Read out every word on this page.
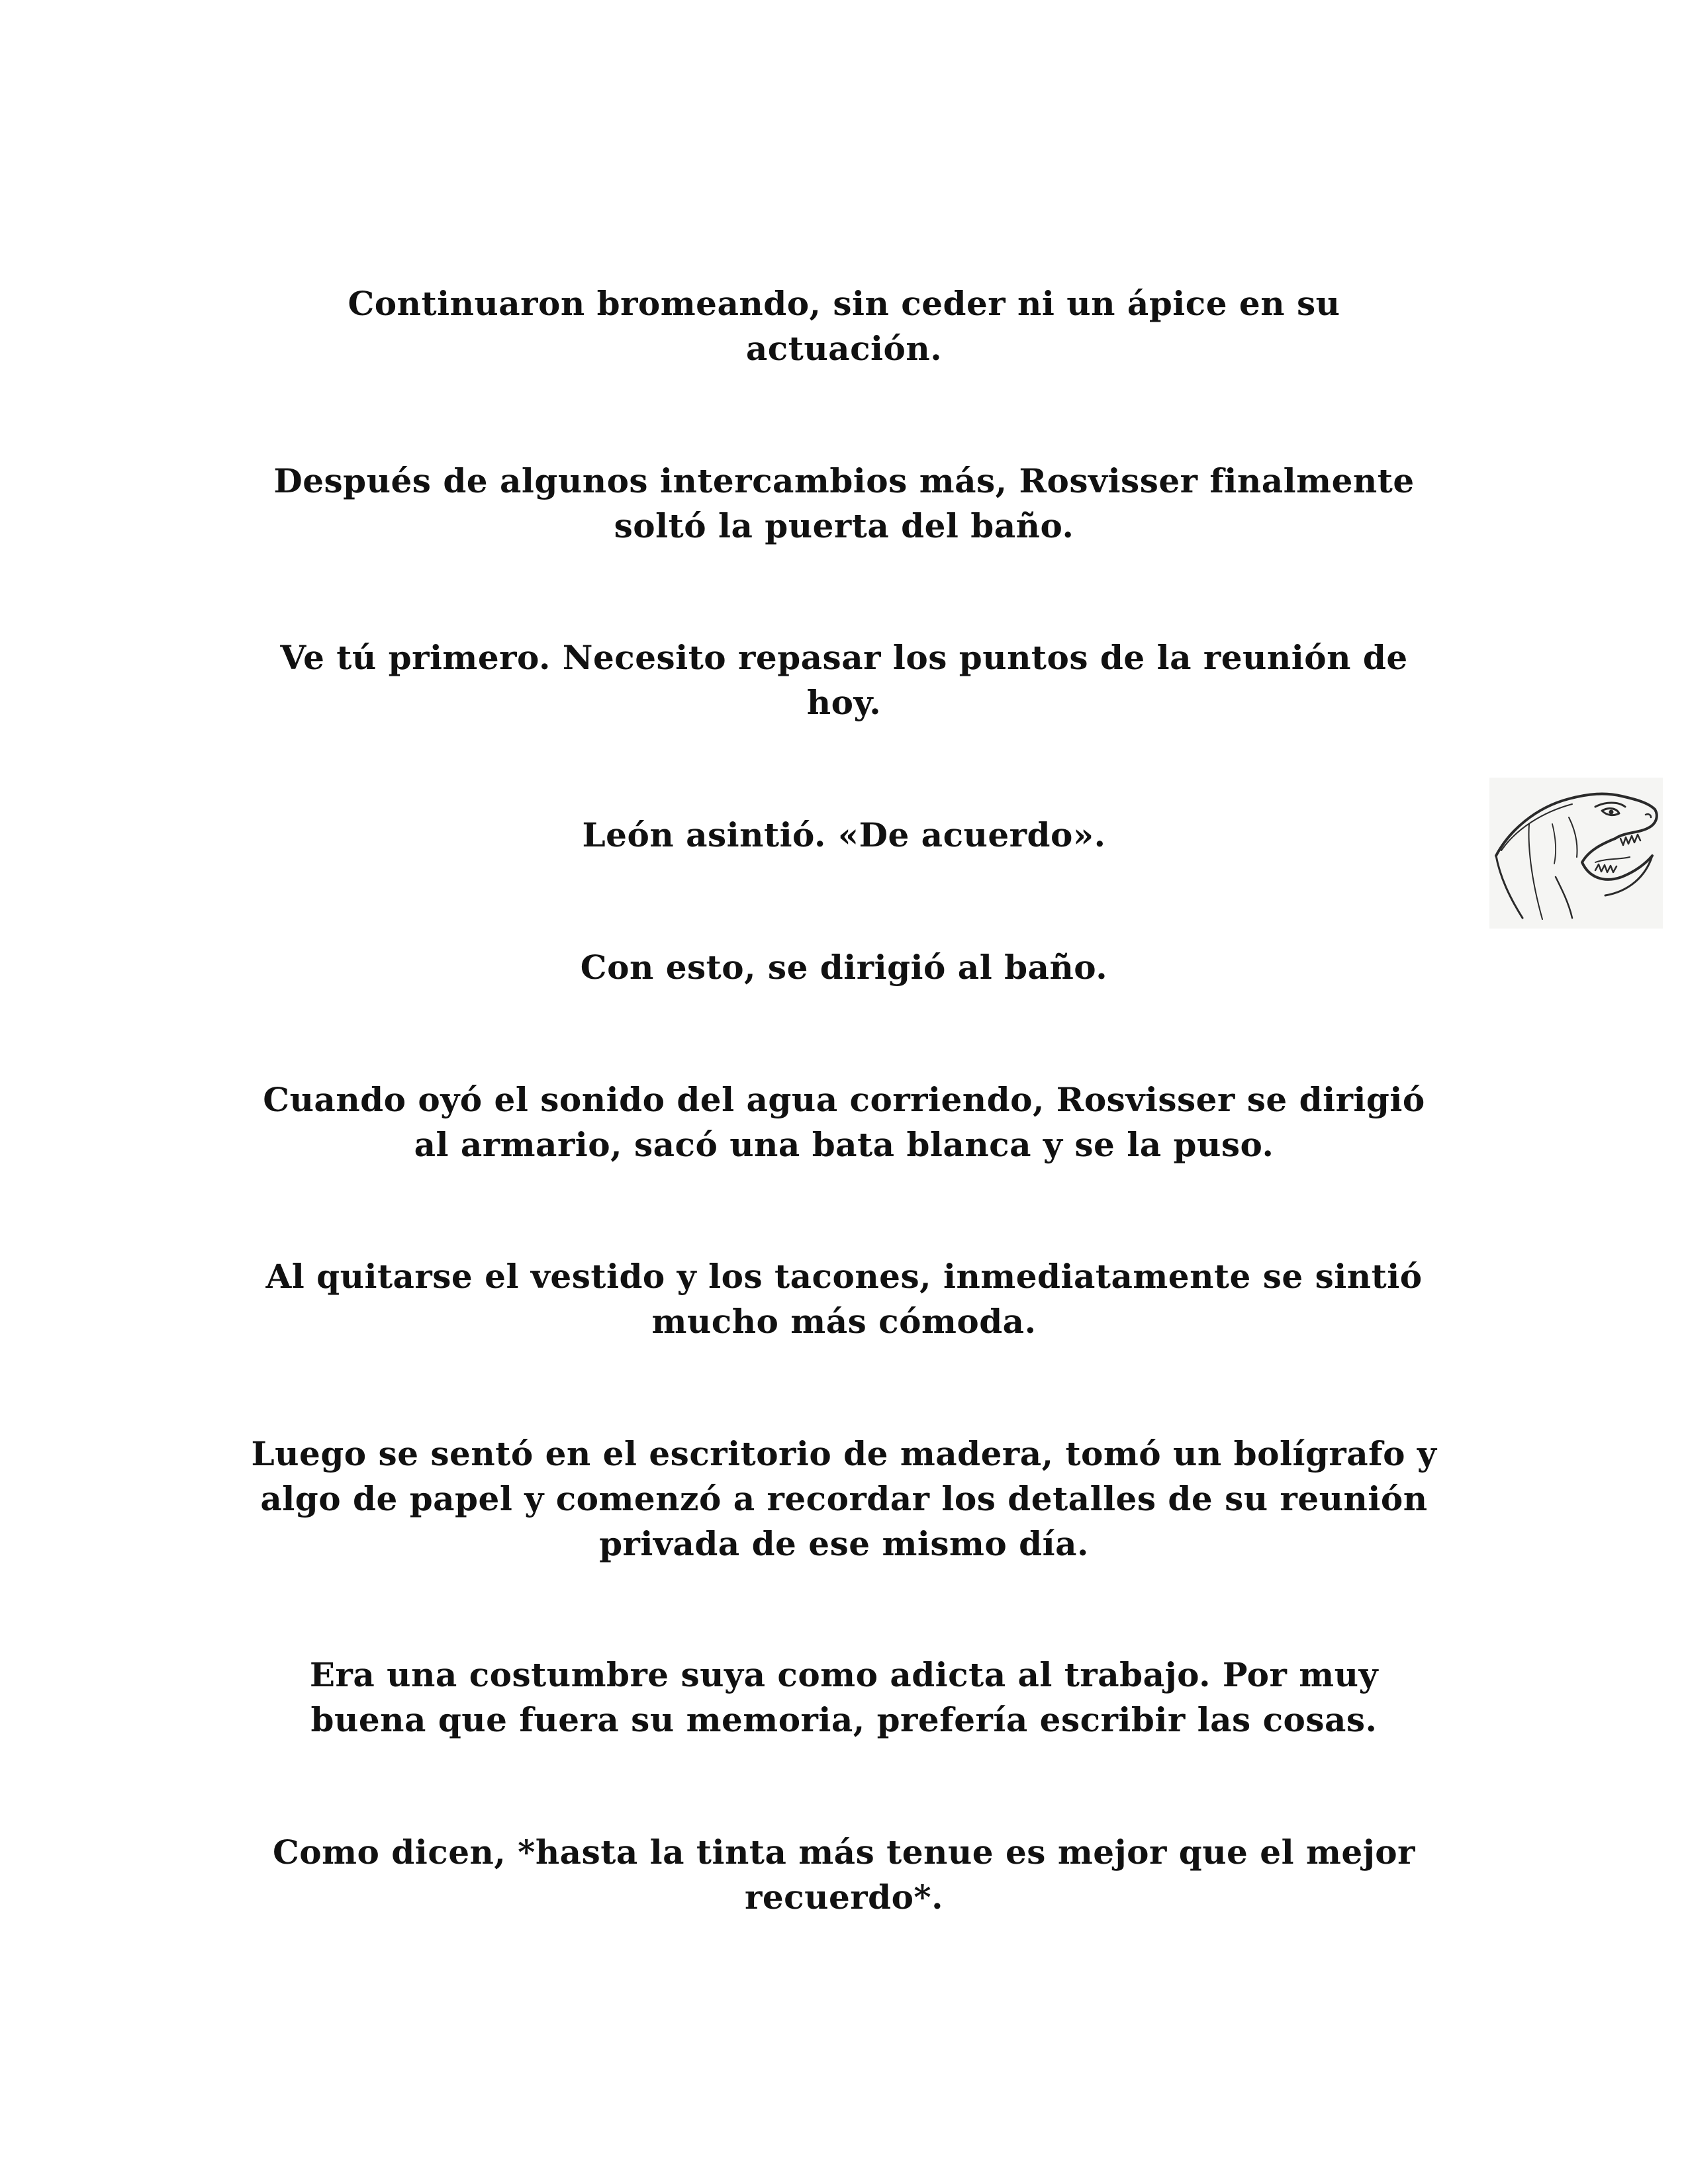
Continuaron bromeando, sin ceder ni un ápice en su
actuación.

Después de algunos intercambios más, Rosvisser finalmente
soltó la puerta del baño.

Ve tú primero. Necesito repasar los puntos de la reunión de
hoy.

León asintió. «De acuerdo».

Con esto, se dirigió al baño.

Cuando oyó el sonido del agua corriendo, Rosvisser se dirigió
al armario, sacó una bata blanca y se la puso.

Al quitarse el vestido y los tacones, inmediatamente se sintió
mucho más cómoda.

Luego se sentó en el escritorio de madera, tomó un bolígrafo y
algo de papel y comenzó a recordar los detalles de su reunión
privada de ese mismo día.

Era una costumbre suya como adicta al trabajo. Por muy
buena que fuera su memoria, prefería escribir las cosas.

Como dicen, *hasta la tinta más tenue es mejor que el mejor
recuerdo*.
